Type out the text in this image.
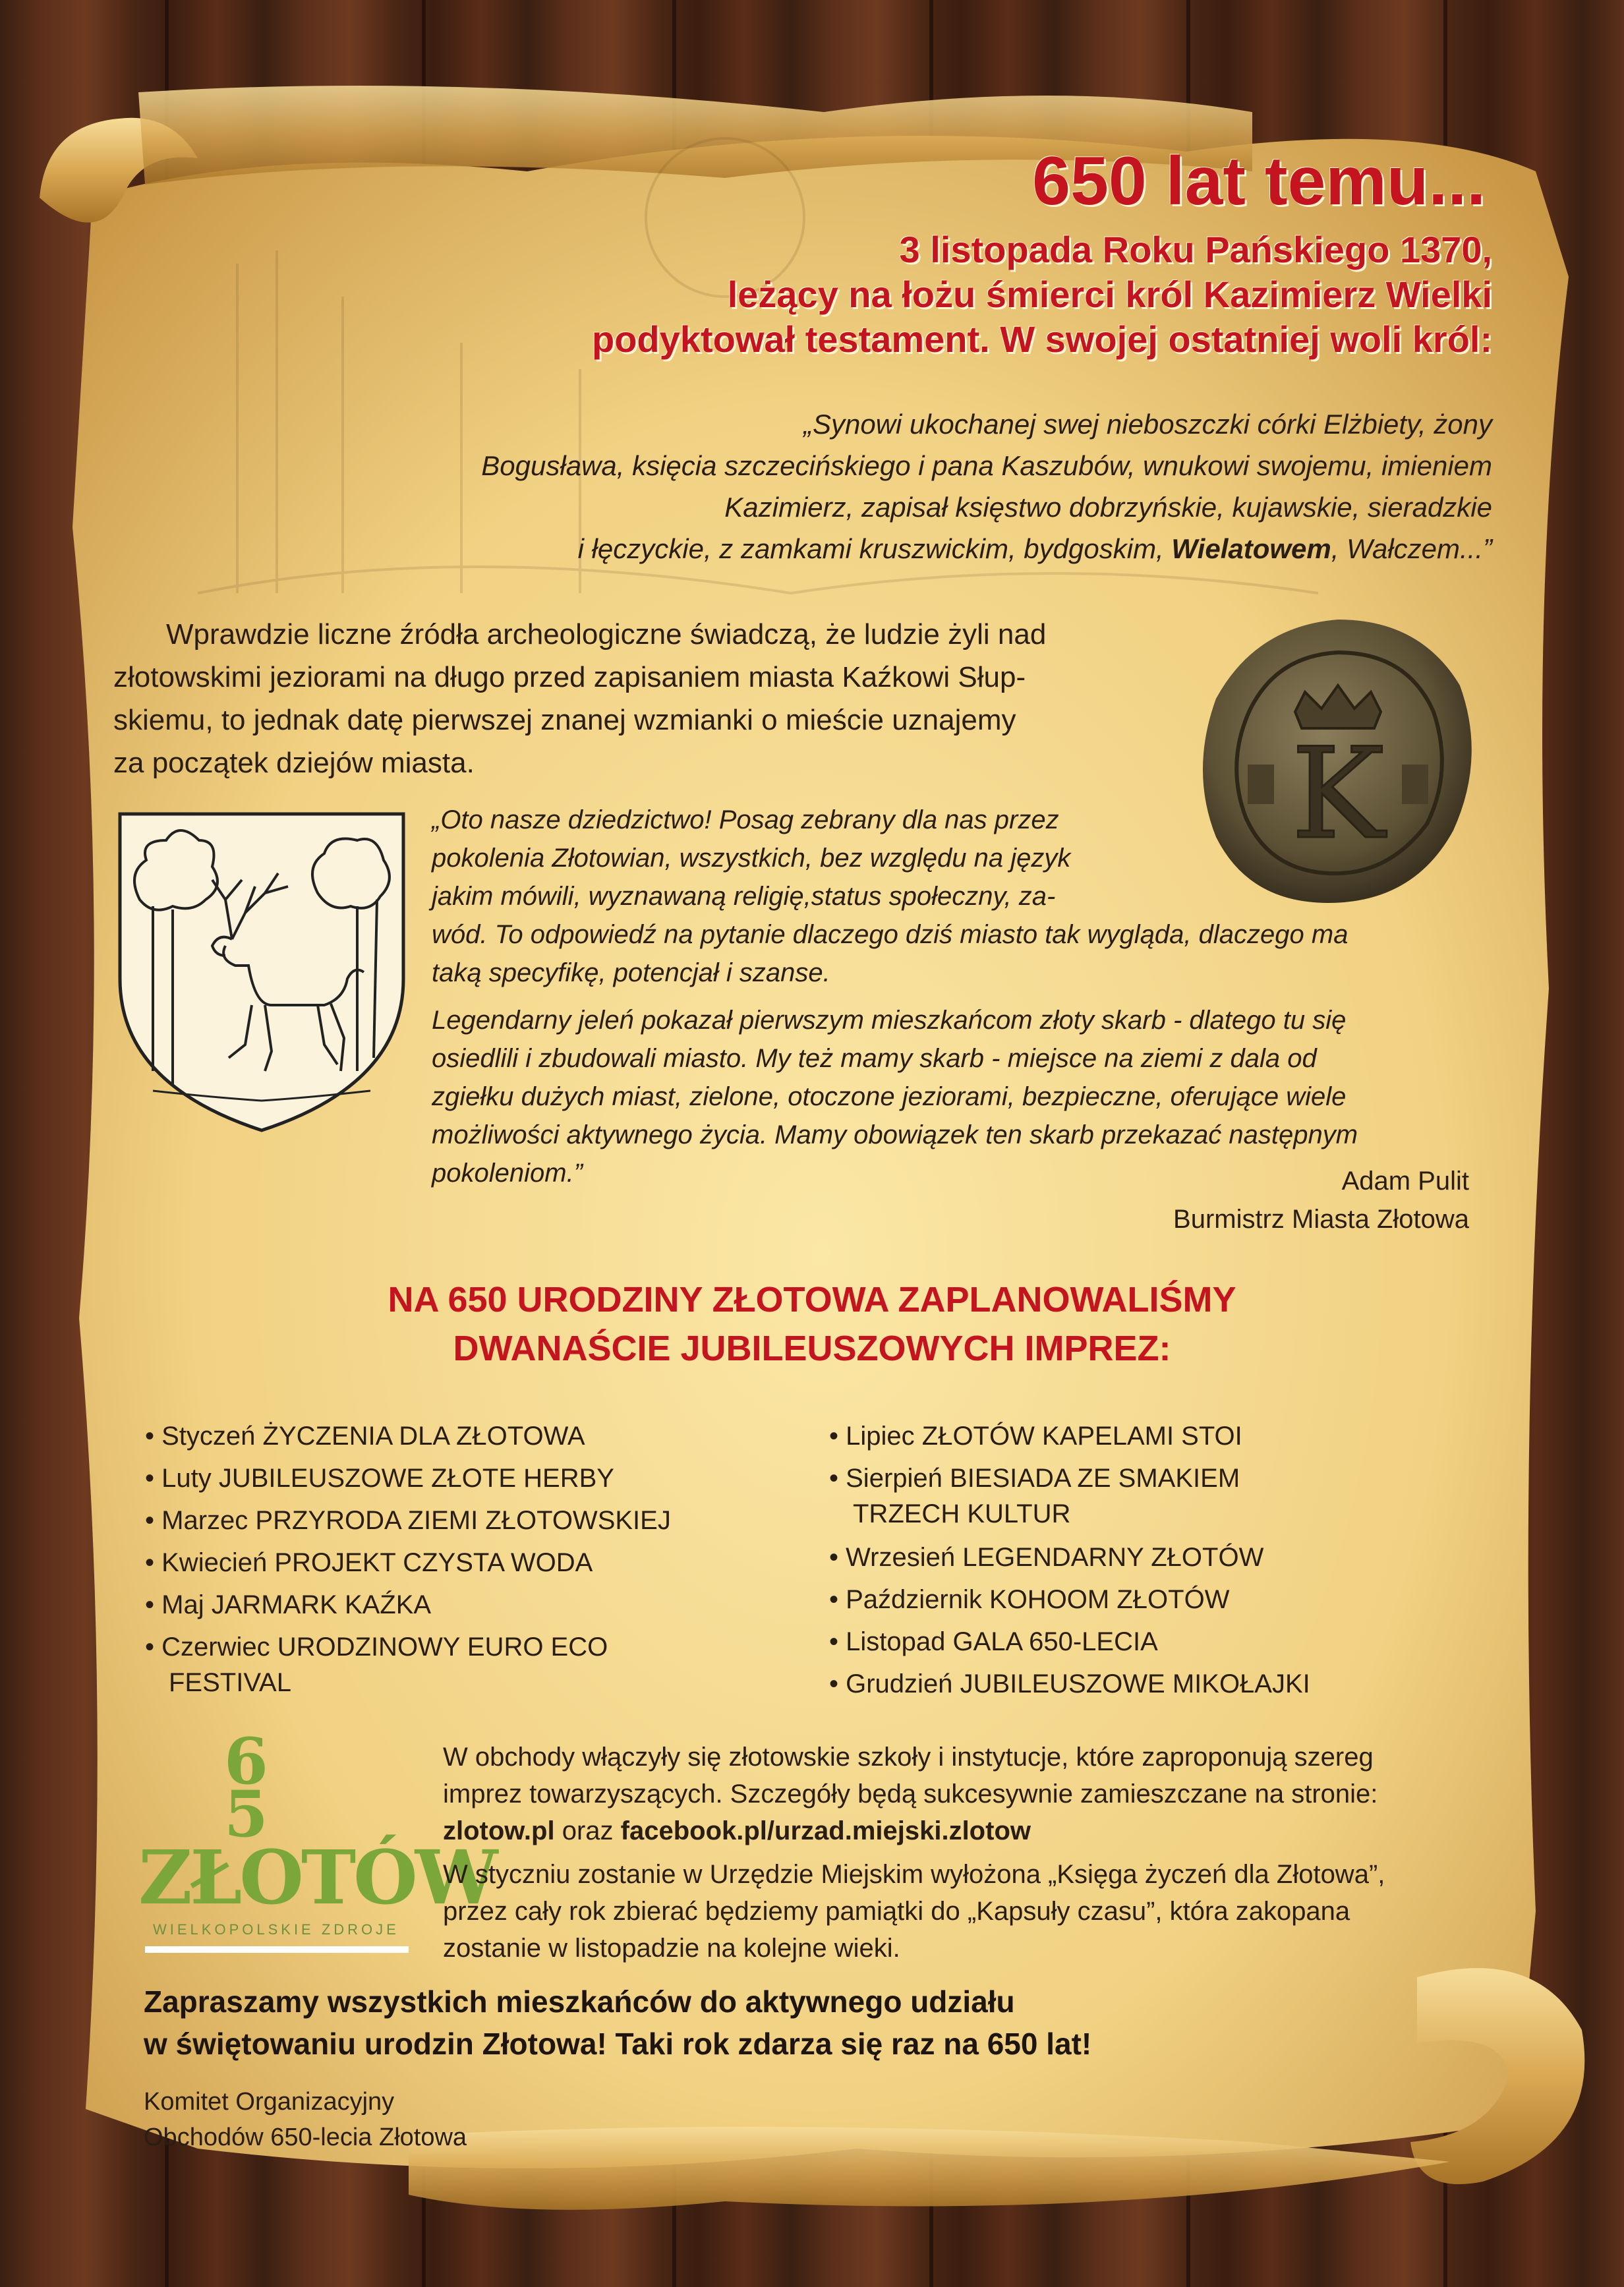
650 lat temu...
3 listopada Roku Pańskiego 1370,
leżący na łożu śmierci król Kazimierz Wielki
podyktował testament. W swojej ostatniej woli król:
„Synowi ukochanej swej nieboszczki córki Elżbiety, żony
Bogusława, księcia szczecińskiego i pana Kaszubów, wnukowi swojemu, imieniem
Kazimierz, zapisał księstwo dobrzyńskie, kujawskie, sieradzkie
i łęczyckie, z zamkami kruszwickim, bydgoskim, Wielatowem, Wałczem...”
Wprawdzie liczne źródła archeologiczne świadczą, że ludzie żyli nad
złotowskimi jeziorami na długo przed zapisaniem miasta Kaźkowi Słup-
skiemu, to jednak datę pierwszej znanej wzmianki o mieście uznajemy
za początek dziejów miasta.	K
„Oto nasze dziedzictwo! Posag zebrany dla nas przez
pokolenia Złotowian, wszystkich, bez względu na język
jakim mówili, wyznawaną religię,status społeczny, za-
wód. To odpowiedź na pytanie dlaczego dziś miasto tak wygląda, dlaczego ma
taką specyfikę, potencjał i szanse.
Legendarny jeleń pokazał pierwszym mieszkańcom złoty skarb - dlatego tu się
osiedlili i zbudowali miasto. My też mamy skarb - miejsce na ziemi z dala od
zgiełku dużych miast, zielone, otoczone jeziorami, bezpieczne, oferujące wiele
możliwości aktywnego życia. Mamy obowiązek ten skarb przekazać następnym
pokoleniom.”	Adam Pulit
Burmistrz Miasta Złotowa
NA 650 URODZINY ZŁOTOWA ZAPLANOWALIŚMY
DWANAŚCIE JUBILEUSZOWYCH IMPREZ:
• Styczeń ŻYCZENIA DLA ZŁOTOWA
• Luty JUBILEUSZOWE ZŁOTE HERBY
• Marzec PRZYRODA ZIEMI ZŁOTOWSKIEJ
• Kwiecień PROJEKT CZYSTA WODA
• Maj JARMARK KAŹKA
• Czerwiec URODZINOWY EURO ECO
FESTIVAL
• Lipiec ZŁOTÓW KAPELAMI STOI
• Sierpień BIESIADA ZE SMAKIEM
TRZECH KULTUR
• Wrzesień LEGENDARNY ZŁOTÓW
• Październik KOHOOM ZŁOTÓW
• Listopad GALA 650-LECIA
• Grudzień JUBILEUSZOWE MIKOŁAJKI
6
5
ZŁOTÓW
WIELKOPOLSKIE ZDROJE
W obchody włączyły się złotowskie szkoły i instytucje, które zaproponują szereg
imprez towarzyszących. Szczegóły będą sukcesywnie zamieszczane na stronie:
zlotow.pl oraz facebook.pl/urzad.miejski.zlotow
W styczniu zostanie w Urzędzie Miejskim wyłożona „Księga życzeń dla Złotowa”,
przez cały rok zbierać będziemy pamiątki do „Kapsuły czasu”, która zakopana
zostanie w listopadzie na kolejne wieki.
Zapraszamy wszystkich mieszkańców do aktywnego udziału
w świętowaniu urodzin Złotowa! Taki rok zdarza się raz na 650 lat!
Komitet Organizacyjny
Obchodów 650-lecia Złotowa
